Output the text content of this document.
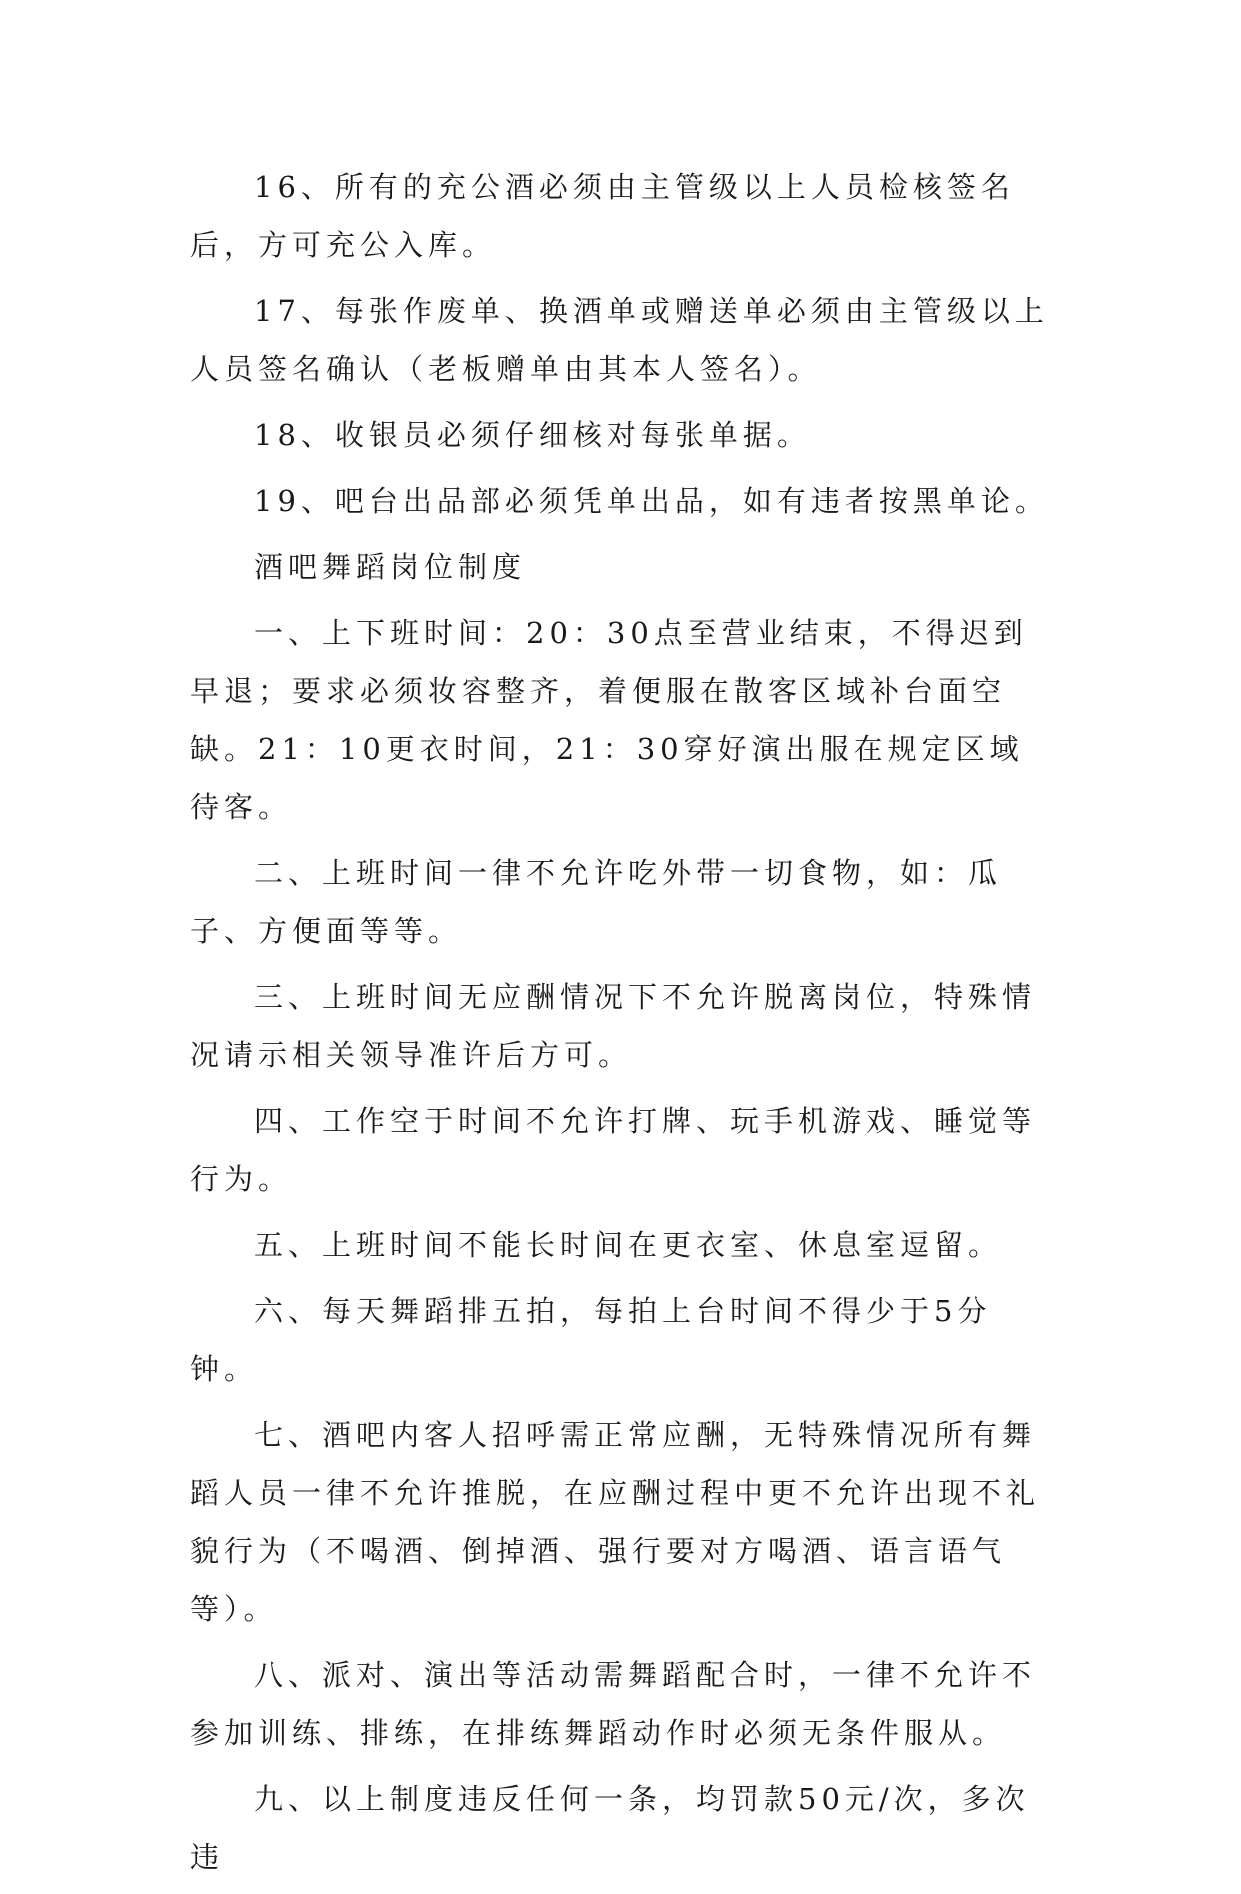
16、所有的充公酒必须由主管级以上人员检核签名后，方可充公入库。

17、每张作废单、换酒单或赠送单必须由主管级以上人员签名确认（老板赠单由其本人签名）。

18、收银员必须仔细核对每张单据。

19、吧台出品部必须凭单出品，如有违者按黑单论。

酒吧舞蹈岗位制度

一、上下班时间：20：30点至营业结束，不得迟到早退；要求必须妆容整齐，着便服在散客区域补台面空缺。21：10更衣时间，21：30穿好演出服在规定区域待客。

二、上班时间一律不允许吃外带一切食物，如：瓜子、方便面等等。

三、上班时间无应酬情况下不允许脱离岗位，特殊情况请示相关领导准许后方可。

四、工作空于时间不允许打牌、玩手机游戏、睡觉等行为。

五、上班时间不能长时间在更衣室、休息室逗留。

六、每天舞蹈排五拍，每拍上台时间不得少于5分钟。

七、酒吧内客人招呼需正常应酬，无特殊情况所有舞蹈人员一律不允许推脱，在应酬过程中更不允许出现不礼貌行为（不喝酒、倒掉酒、强行要对方喝酒、语言语气等）。

八、派对、演出等活动需舞蹈配合时，一律不允许不参加训练、排练，在排练舞蹈动作时必须无条件服从。

九、以上制度违反任何一条，均罚款50元/次，多次违
